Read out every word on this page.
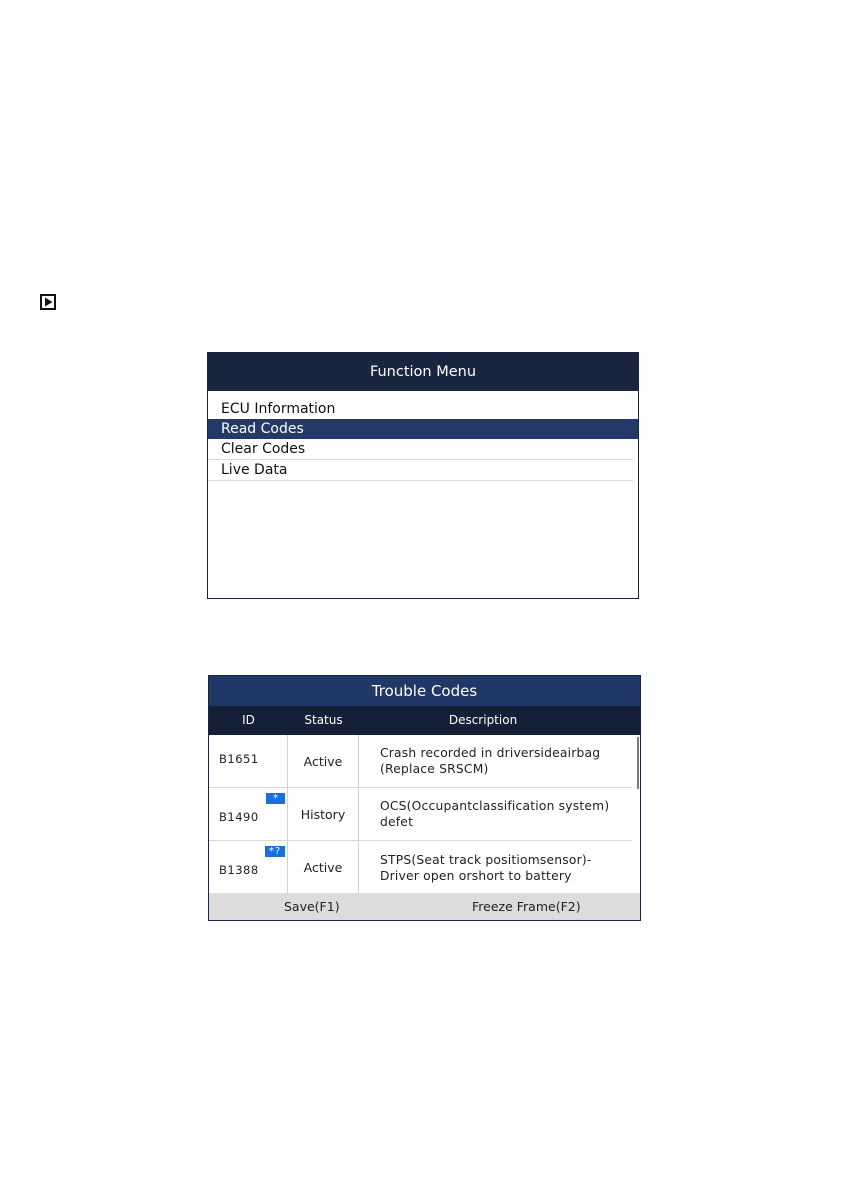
Function Menu
ECU Information
Read Codes
Clear Codes
Live Data
Trouble Codes
ID	Status	Description
B1651	Active
Crash recorded in driversideairbag
(Replace SRSCM)
*
B1490	History
OCS(Occupantclassification system)
defet
*?
B1388	Active
STPS(Seat track positiomsensor)-
Driver open orshort to battery
Save(F1)	Freeze Frame(F2)
